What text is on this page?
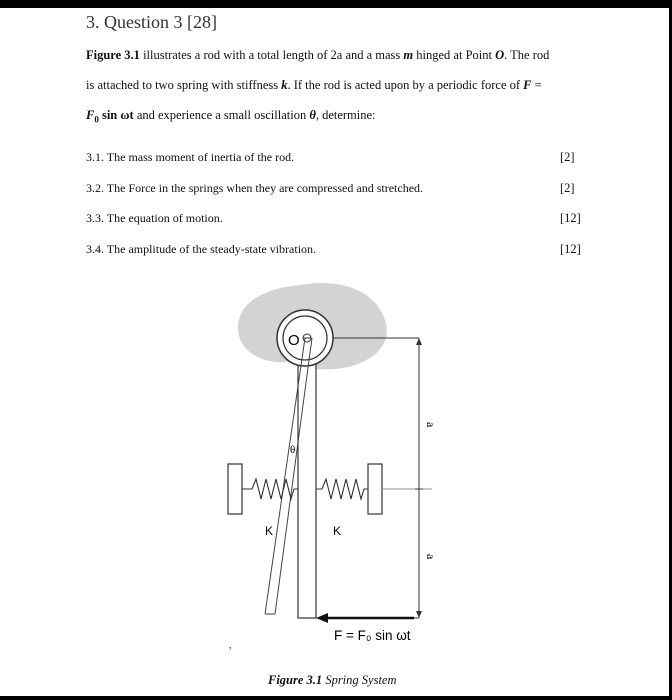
3. Question 3 [28]
Figure 3.1 illustrates a rod with a total length of 2a and a mass m hinged at Point O. The rod
is attached to two spring with stiffness k. If the rod is acted upon by a periodic force of F =
$F_0$ sin ωt and experience a small oscillation θ, determine:
3.1. The mass moment of inertia of the rod.	[2]
3.2. The Force in the springs when they are compressed and stretched.	[2]
3.3. The equation of motion.	[12]
3.4. The amplitude of the steady-state vibration.	[12]
O
θ
a
a
K	K
F = F₀ sin ωt
,
Figure 3.1 Spring System
